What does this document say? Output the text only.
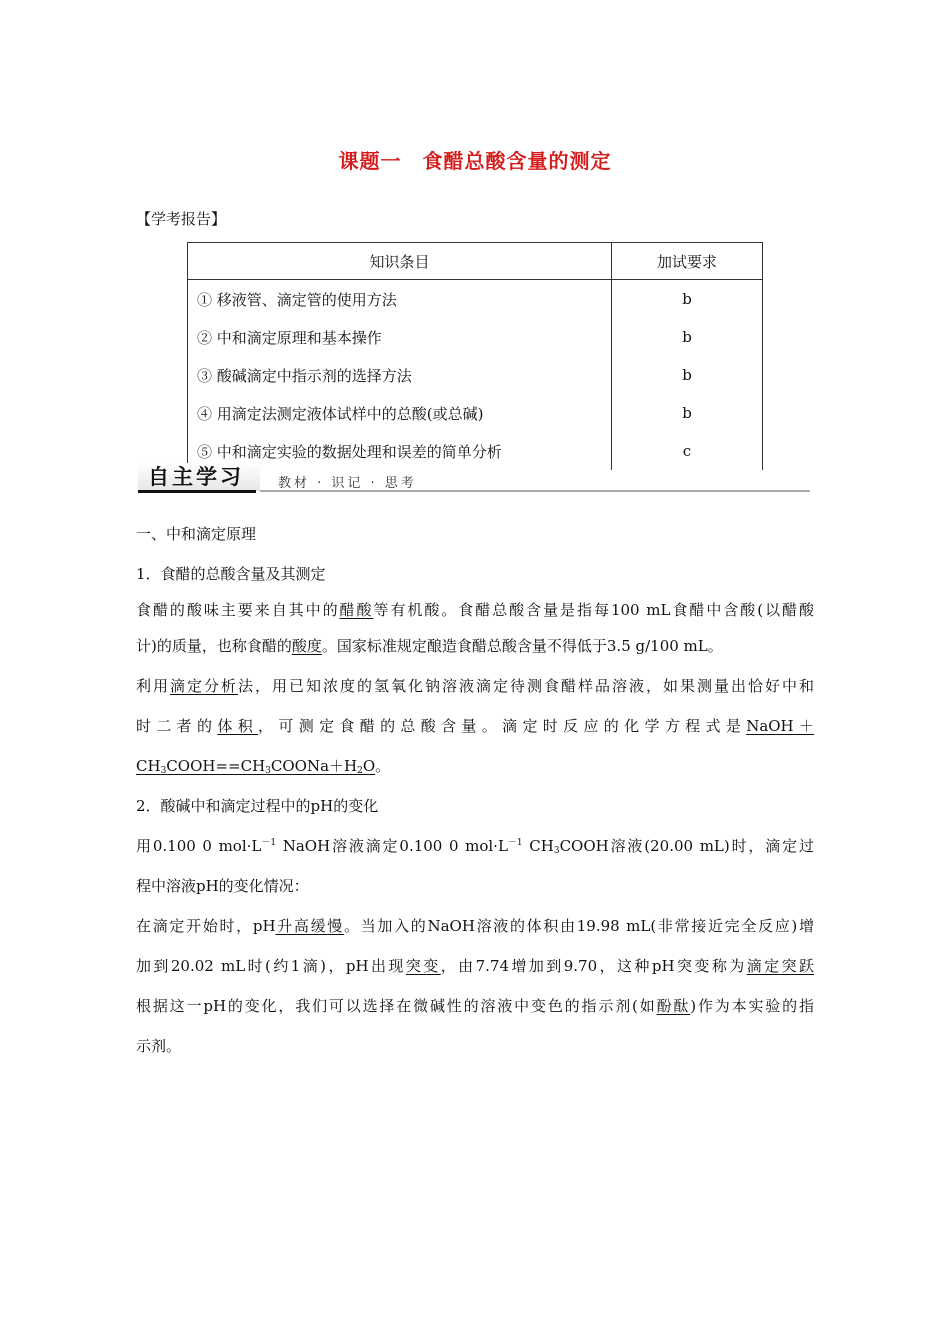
课题一　食醋总酸含量的测定
【学考报告】
知识条目	加试要求
① 移液管、滴定管的使用方法	b
② 中和滴定原理和基本操作	b
③ 酸碱滴定中指示剂的选择方法	b
④ 用滴定法测定液体试样中的总酸(或总碱)	b
⑤ 中和滴定实验的数据处理和误差的简单分析	c
自主学习	教材 · 识记 · 思考

一、中和滴定原理

1．食醋的总酸含量及其测定

食醋的酸味主要来自其中的醋酸等有机酸。食醋总酸含量是指每100 mL食醋中含酸(以醋酸

计)的质量，也称食醋的酸度。国家标准规定酿造食醋总酸含量不得低于3.5 g/100 mL。

利用滴定分析法，用已知浓度的氢氧化钠溶液滴定待测食醋样品溶液，如果测量出恰好中和

时二者的体积，可测定食醋的总酸含量。滴定时反应的化学方程式是NaOH＋

$CH_3COOH==CH_3COONa+H_2O$。

2．酸碱中和滴定过程中的pH的变化

用0.100 0 $mol\cdot L^{-1}$ NaOH溶液滴定0.100 0 $mol\cdot L^{-1}$ $CH_3COOH$溶液(20.00 mL)时，滴定过

程中溶液pH的变化情况：

在滴定开始时，pH升高缓慢。当加入的NaOH溶液的体积由19.98 mL(非常接近完全反应)增

加到20.02 mL时(约1滴)，pH出现突变，由7.74增加到9.70，这种pH突变称为滴定突跃

根据这一pH的变化，我们可以选择在微碱性的溶液中变色的指示剂(如酚酞)作为本实验的指

示剂。
